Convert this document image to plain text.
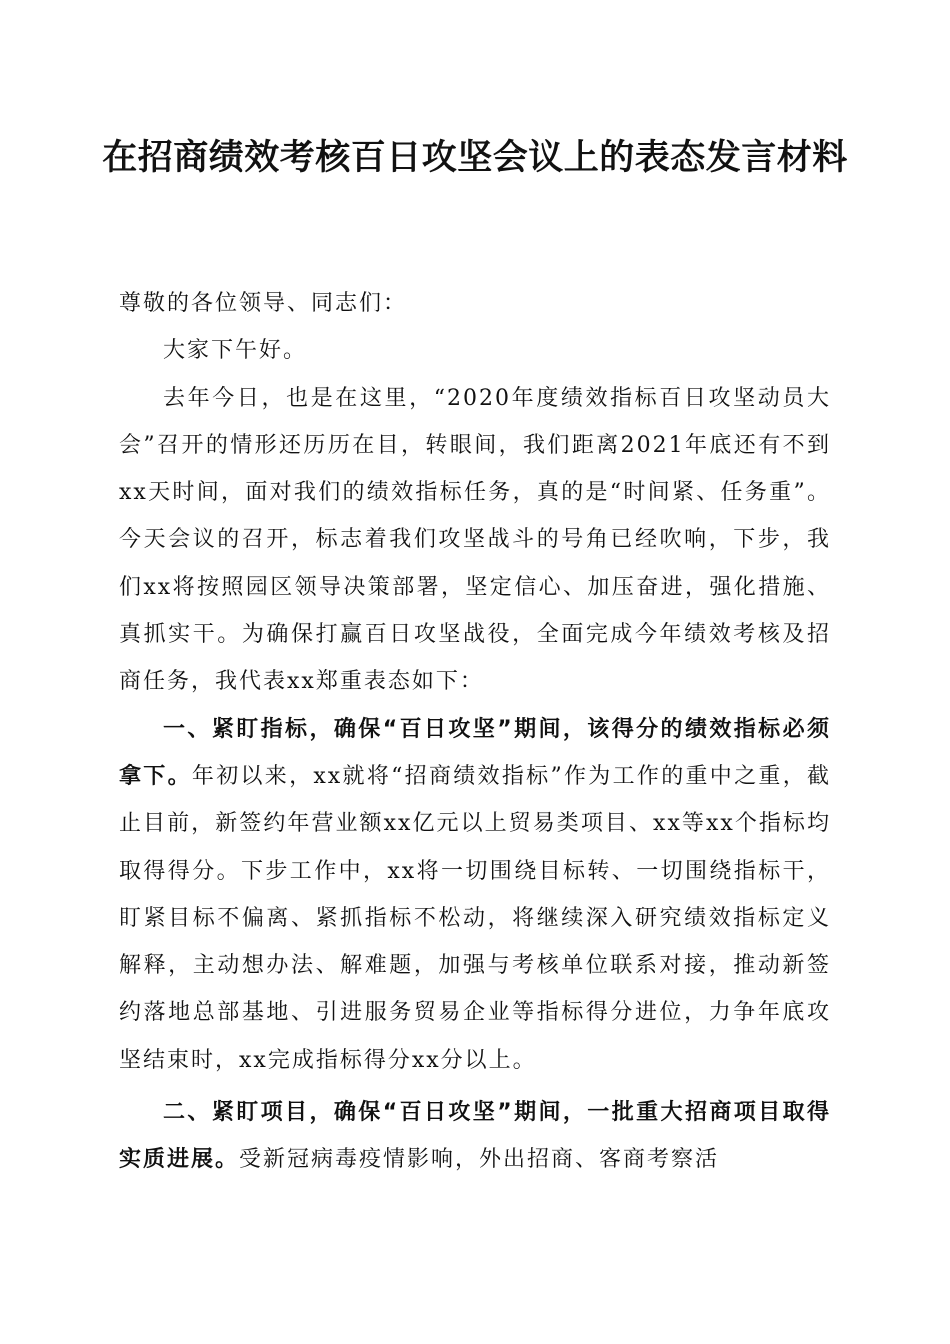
在招商绩效考核百日攻坚会议上的表态发言材料

尊敬的各位领导、同志们：

大家下午好。

去年今日，也是在这里，“2020年度绩效指标百日攻坚动员大会”召开的情形还历历在目，转眼间，我们距离2021年底还有不到xx天时间，面对我们的绩效指标任务，真的是“时间紧、任务重”。今天会议的召开，标志着我们攻坚战斗的号角已经吹响，下步，我们xx将按照园区领导决策部署，坚定信心、加压奋进，强化措施、真抓实干。为确保打赢百日攻坚战役，全面完成今年绩效考核及招商任务，我代表xx郑重表态如下：

一、紧盯指标，确保“百日攻坚”期间，该得分的绩效指标必须拿下。年初以来，xx就将“招商绩效指标”作为工作的重中之重，截止目前，新签约年营业额xx亿元以上贸易类项目、xx等xx个指标均取得得分。下步工作中，xx将一切围绕目标转、一切围绕指标干，盯紧目标不偏离、紧抓指标不松动，将继续深入研究绩效指标定义解释，主动想办法、解难题，加强与考核单位联系对接，推动新签约落地总部基地、引进服务贸易企业等指标得分进位，力争年底攻坚结束时，xx完成指标得分xx分以上。

二、紧盯项目，确保“百日攻坚”期间，一批重大招商项目取得实质进展。受新冠病毒疫情影响，外出招商、客商考察活
